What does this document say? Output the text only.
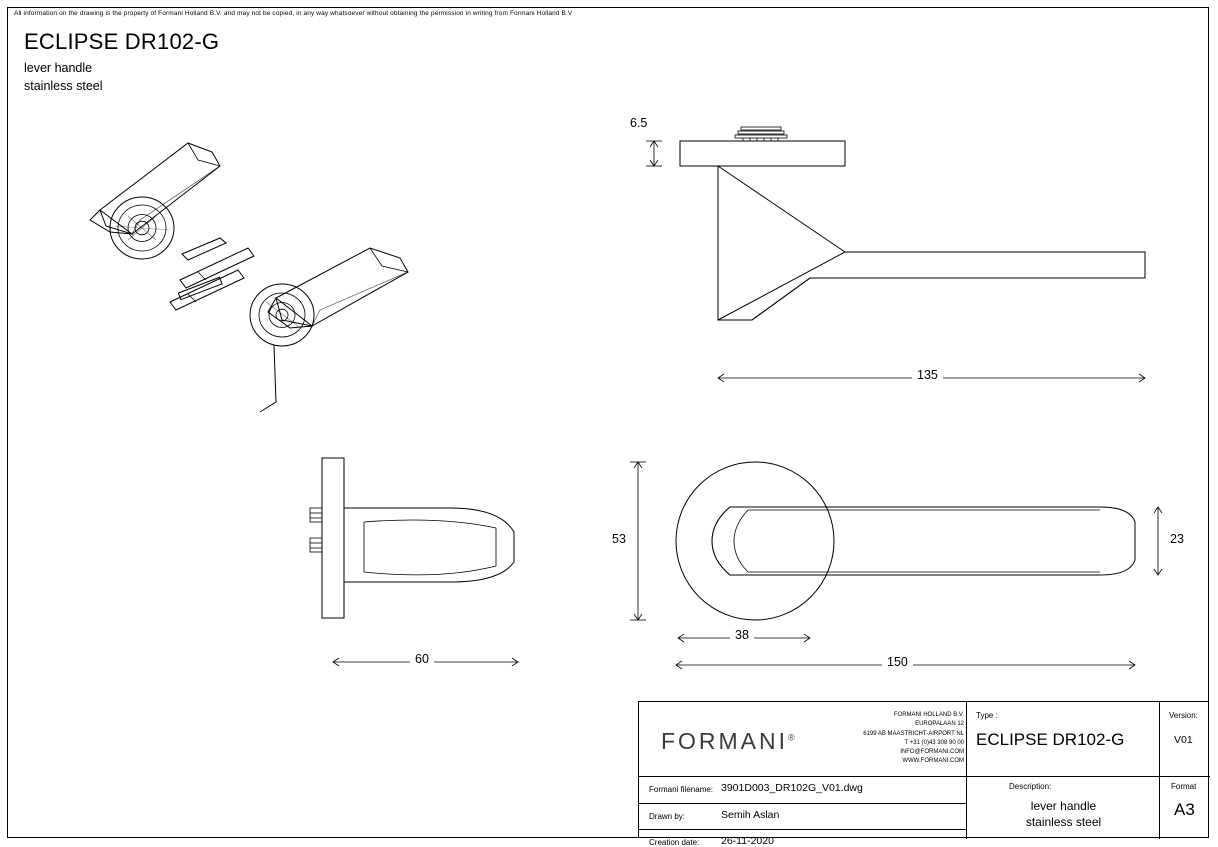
All information on the drawing is the property of Formani Holland B.V. and may not be copied, in any way whatsoever without obtaining the permission in writing from Formani Holland B.V
ECLIPSE DR102-G
lever handle
stainless steel
6.5
135
60
53	23
38
150
FORMANI®
FORMANI HOLLAND B.V.
EUROPALAAN 12
6199 AB MAASTRICHT-AIRPORT NL
T +31 (0)43 308 90 00
INFO@FORMANI.COM
WWW.FORMANI.COM
Type :
ECLIPSE DR102-G
Version:
V01
Description:
lever handle
stainless steel
Format
A3
Formani filename: 3901D003_DR102G_V01.dwg
Drawn by:	Semih Aslan
Creation date: 26-11-2020
